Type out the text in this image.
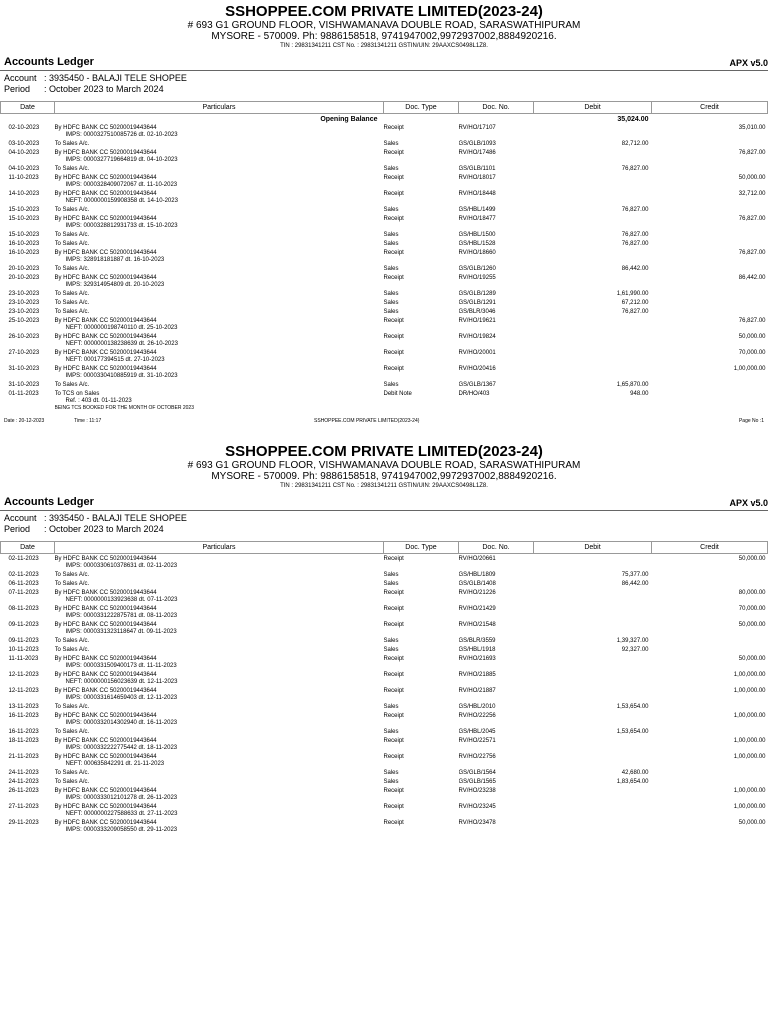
SSHOPPEE.COM PRIVATE LIMITED(2023-24)
# 693 G1 GROUND FLOOR, VISHWAMANAVA DOUBLE ROAD, SARASWATHIPURAM
MYSORE - 570009. Ph: 9886158518, 9741947002,9972937002,8884920216.
TIN : 29831341211 CST No. : 29831341211 GSTIN/UIN: 29AAXCS0498L1Z8.
Accounts Ledger	APX v5.0
Account : 3935450 - BALAJI TELE SHOPEE
Period : October 2023 to March 2024
Date	Particulars	Doc. Type	Doc. No.	Debit	Credit
	Opening Balance			35,024.00	
02-10-2023	By HDFC BANK CC 50200019443644
IMPS: 0000327510085726 dt. 02-10-2023	Receipt	RV/HO/17107		35,010.00
03-10-2023	To Sales A/c.	Sales	GS/GLB/1093	82,712.00	
04-10-2023	By HDFC BANK CC 50200019443644
IMPS: 0000327719664819 dt. 04-10-2023	Receipt	RV/HO/17486		76,827.00
04-10-2023	To Sales A/c.	Sales	GS/GLB/1101	76,827.00	
11-10-2023	By HDFC BANK CC 50200019443644
IMPS: 0000328409072067 dt. 11-10-2023	Receipt	RV/HO/18017		50,000.00
14-10-2023	By HDFC BANK CC 50200019443644
NEFT: 0000000159908358 dt. 14-10-2023	Receipt	RV/HO/18448		32,712.00
15-10-2023	To Sales A/c.	Sales	GS/HBL/1499	76,827.00	
15-10-2023	By HDFC BANK CC 50200019443644
IMPS: 0000328812931733 dt. 15-10-2023	Receipt	RV/HO/18477		76,827.00
15-10-2023	To Sales A/c.	Sales	GS/HBL/1500	76,827.00	
16-10-2023	To Sales A/c.	Sales	GS/HBL/1528	76,827.00	
16-10-2023	By HDFC BANK CC 50200019443644
IMPS: 328918181887 dt. 16-10-2023	Receipt	RV/HO/18660		76,827.00
20-10-2023	To Sales A/c.	Sales	GS/GLB/1260	86,442.00	
20-10-2023	By HDFC BANK CC 50200019443644
IMPS: 329314954809 dt. 20-10-2023	Receipt	RV/HO/19255		86,442.00
23-10-2023	To Sales A/c.	Sales	GS/GLB/1289	1,61,990.00	
23-10-2023	To Sales A/c.	Sales	GS/GLB/1291	67,212.00	
23-10-2023	To Sales A/c.	Sales	GS/BLR/3046	76,827.00	
25-10-2023	By HDFC BANK CC 50200019443644
NEFT: 0000000198740110 dt. 25-10-2023	Receipt	RV/HO/19621		76,827.00
26-10-2023	By HDFC BANK CC 50200019443644
NEFT: 0000000138238639 dt. 26-10-2023	Receipt	RV/HO/19824		50,000.00
27-10-2023	By HDFC BANK CC 50200019443644
NEFT: 000177394515 dt. 27-10-2023	Receipt	RV/HO/20001		70,000.00
31-10-2023	By HDFC BANK CC 50200019443644
IMPS: 0000330410885919 dt. 31-10-2023	Receipt	RV/HO/20416		1,00,000.00
31-10-2023	To Sales A/c.	Sales	GS/GLB/1367	1,65,870.00	
01-11-2023	To TCS on Sales
Ref. : 403 dt. 01-11-2023
BEING TCS BOOKED FOR THE MONTH OF OCTOBER 2023	Debit Note	DR/HO/403	948.00	
Date : 20-12-2023	Time : 11:17	SSHOPPEE.COM PRIVATE LIMITED(2023-24)	Page No :1
SSHOPPEE.COM PRIVATE LIMITED(2023-24)
# 693 G1 GROUND FLOOR, VISHWAMANAVA DOUBLE ROAD, SARASWATHIPURAM
MYSORE - 570009. Ph: 9886158518, 9741947002,9972937002,8884920216.
TIN : 29831341211 CST No. : 29831341211 GSTIN/UIN: 29AAXCS0498L1Z8.
Accounts Ledger	APX v5.0
Account : 3935450 - BALAJI TELE SHOPEE
Period : October 2023 to March 2024
Date	Particulars	Doc. Type	Doc. No.	Debit	Credit
02-11-2023	By HDFC BANK CC 50200019443644
IMPS: 0000330610378631 dt. 02-11-2023	Receipt	RV/HO/20661		50,000.00
02-11-2023	To Sales A/c.	Sales	GS/HBL/1809	75,377.00	
06-11-2023	To Sales A/c.	Sales	GS/GLB/1408	86,442.00	
07-11-2023	By HDFC BANK CC 50200019443644
NEFT: 0000000133923638 dt. 07-11-2023	Receipt	RV/HO/21226		80,000.00
08-11-2023	By HDFC BANK CC 50200019443644
IMPS: 0000331222875781 dt. 08-11-2023	Receipt	RV/HO/21429		70,000.00
09-11-2023	By HDFC BANK CC 50200019443644
IMPS: 0000331323118647 dt. 09-11-2023	Receipt	RV/HO/21548		50,000.00
09-11-2023	To Sales A/c.	Sales	GS/BLR/3559	1,39,327.00	
10-11-2023	To Sales A/c.	Sales	GS/HBL/1918	92,327.00	
11-11-2023	By HDFC BANK CC 50200019443644
IMPS: 0000331509400173 dt. 11-11-2023	Receipt	RV/HO/21693		50,000.00
12-11-2023	By HDFC BANK CC 50200019443644
NEFT: 0000000156023639 dt. 12-11-2023	Receipt	RV/HO/21885		1,00,000.00
12-11-2023	By HDFC BANK CC 50200019443644
IMPS: 0000331614659403 dt. 12-11-2023	Receipt	RV/HO/21887		1,00,000.00
13-11-2023	To Sales A/c.	Sales	GS/HBL/2010	1,53,654.00	
16-11-2023	By HDFC BANK CC 50200019443644
IMPS: 0000332014302940 dt. 16-11-2023	Receipt	RV/HO/22256		1,00,000.00
16-11-2023	To Sales A/c.	Sales	GS/HBL/2045	1,53,654.00	
18-11-2023	By HDFC BANK CC 50200019443644
IMPS: 0000332222775442 dt. 18-11-2023	Receipt	RV/HO/22571		1,00,000.00
21-11-2023	By HDFC BANK CC 50200019443644
NEFT: 000635842291 dt. 21-11-2023	Receipt	RV/HO/22756		1,00,000.00
24-11-2023	To Sales A/c.	Sales	GS/GLB/1564	42,680.00	
24-11-2023	To Sales A/c.	Sales	GS/GLB/1565	1,83,654.00	
26-11-2023	By HDFC BANK CC 50200019443644
IMPS: 0000333012101278 dt. 26-11-2023	Receipt	RV/HO/23238		1,00,000.00
27-11-2023	By HDFC BANK CC 50200019443644
NEFT: 0000000227588633 dt. 27-11-2023	Receipt	RV/HO/23245		1,00,000.00
29-11-2023	By HDFC BANK CC 50200019443644
IMPS: 0000333209058550 dt. 29-11-2023	Receipt	RV/HO/23478		50,000.00
